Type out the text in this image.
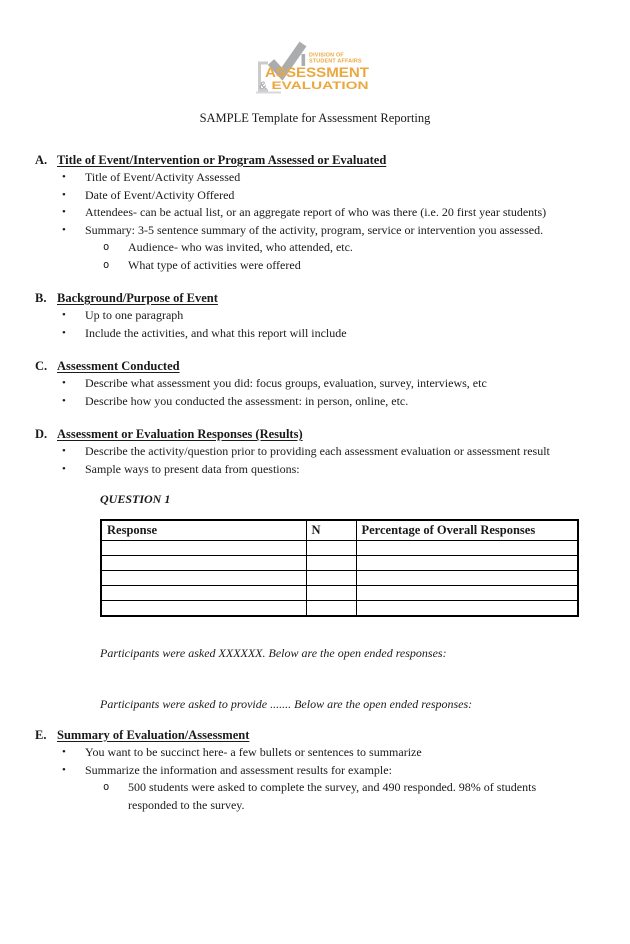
DIVISION OF
STUDENT AFFAIRS
ASSESSMENT
& EVALUATION
SAMPLE Template for Assessment Reporting
A. Title of Event/Intervention or Program Assessed or Evaluated
•	Title of Event/Activity Assessed
•	Date of Event/Activity Offered
•	Attendees- can be actual list, or an aggregate report of who was there (i.e. 20 first year students)
•	Summary: 3-5 sentence summary of the activity, program, service or intervention you assessed.
o	Audience- who was invited, who attended, etc.
o	What type of activities were offered
B. Background/Purpose of Event
•	Up to one paragraph
•	Include the activities, and what this report will include
C. Assessment Conducted
•	Describe what assessment you did: focus groups, evaluation, survey, interviews, etc
•	Describe how you conducted the assessment: in person, online, etc.
D. Assessment or Evaluation Responses (Results)
•	Describe the activity/question prior to providing each assessment evaluation or assessment result
•	Sample ways to present data from questions:
QUESTION 1
Response	N	Percentage of Overall Responses

Participants were asked XXXXXX. Below are the open ended responses:
Participants were asked to provide ....... Below are the open ended responses:
E. Summary of Evaluation/Assessment
•	You want to be succinct here- a few bullets or sentences to summarize
•	Summarize the information and assessment results for example:
o	500 students were asked to complete the survey, and 490 responded. 98% of students responded to the survey.
